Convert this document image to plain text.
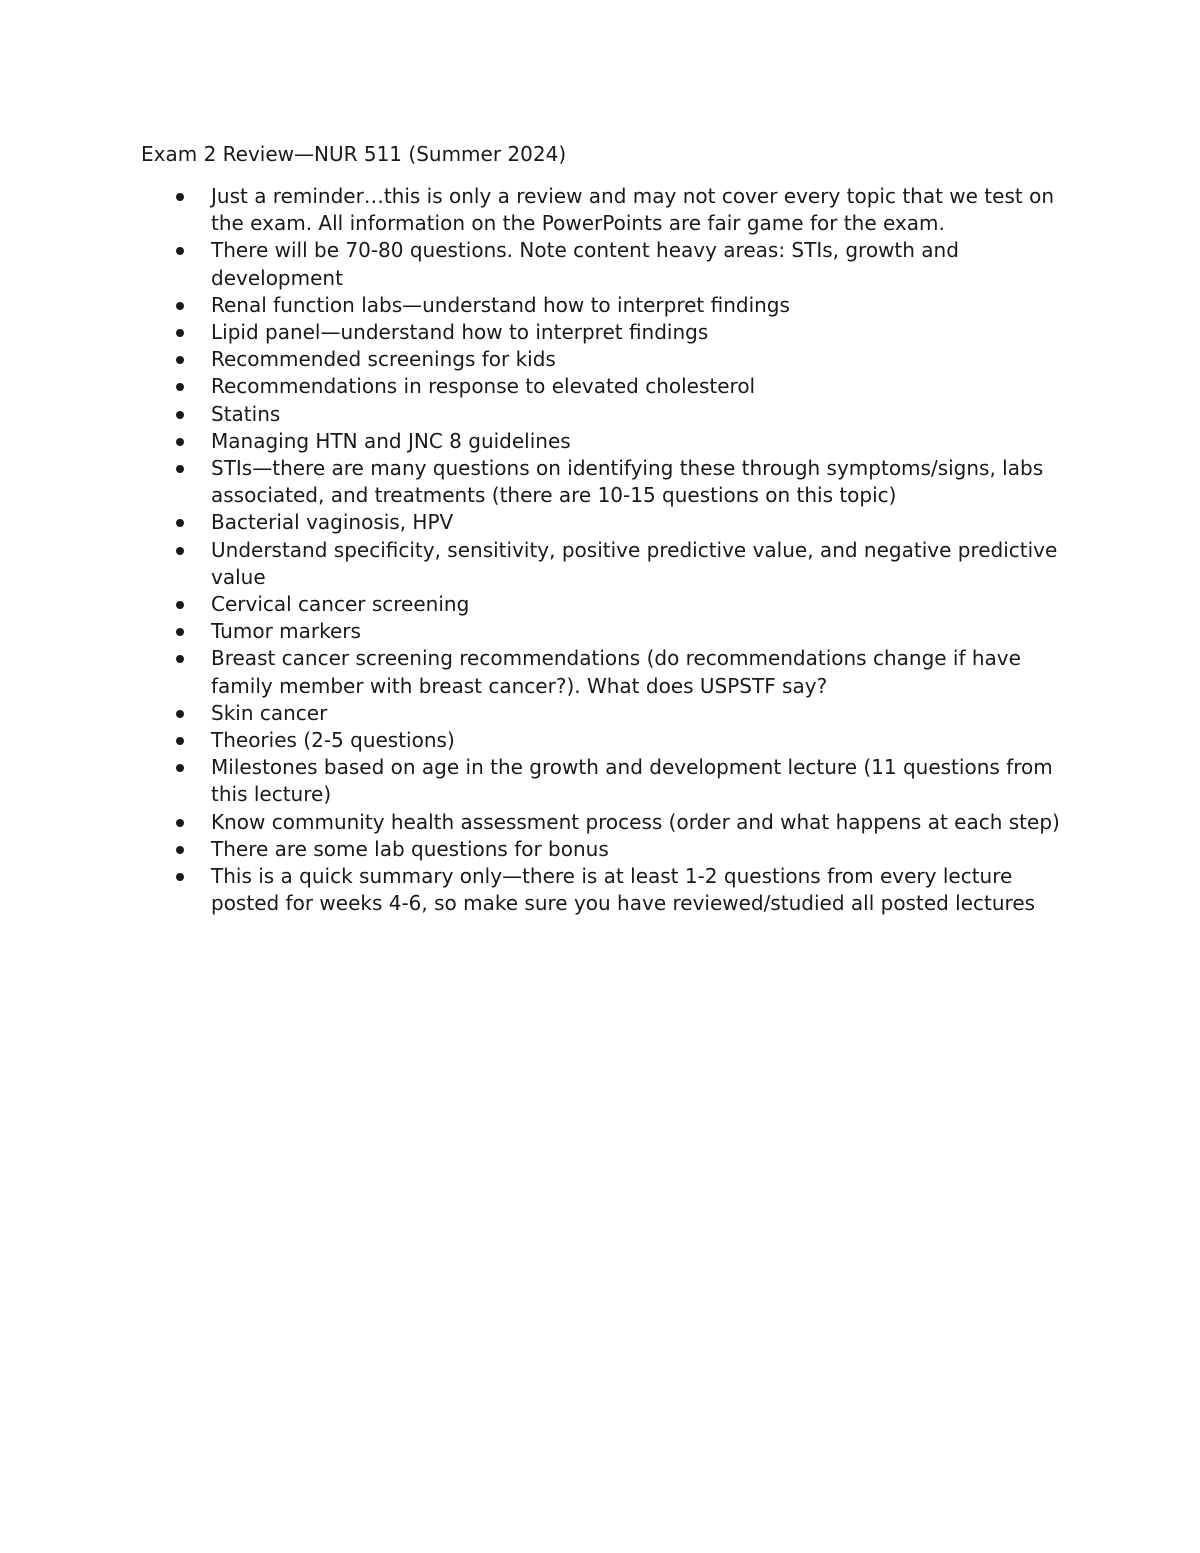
Exam 2 Review—NUR 511 (Summer 2024)
Just a reminder…this is only a review and may not cover every topic that we test on the exam. All information on the PowerPoints are fair game for the exam.
There will be 70-80 questions. Note content heavy areas: STIs, growth and development
Renal function labs—understand how to interpret findings
Lipid panel—understand how to interpret findings
Recommended screenings for kids
Recommendations in response to elevated cholesterol
Statins
Managing HTN and JNC 8 guidelines
STIs—there are many questions on identifying these through symptoms/signs, labs associated, and treatments (there are 10-15 questions on this topic)
Bacterial vaginosis, HPV
Understand specificity, sensitivity, positive predictive value, and negative predictive value
Cervical cancer screening
Tumor markers
Breast cancer screening recommendations (do recommendations change if have family member with breast cancer?). What does USPSTF say?
Skin cancer
Theories (2-5 questions)
Milestones based on age in the growth and development lecture (11 questions from this lecture)
Know community health assessment process (order and what happens at each step)
There are some lab questions for bonus
This is a quick summary only—there is at least 1-2 questions from every lecture posted for weeks 4-6, so make sure you have reviewed/studied all posted lectures
